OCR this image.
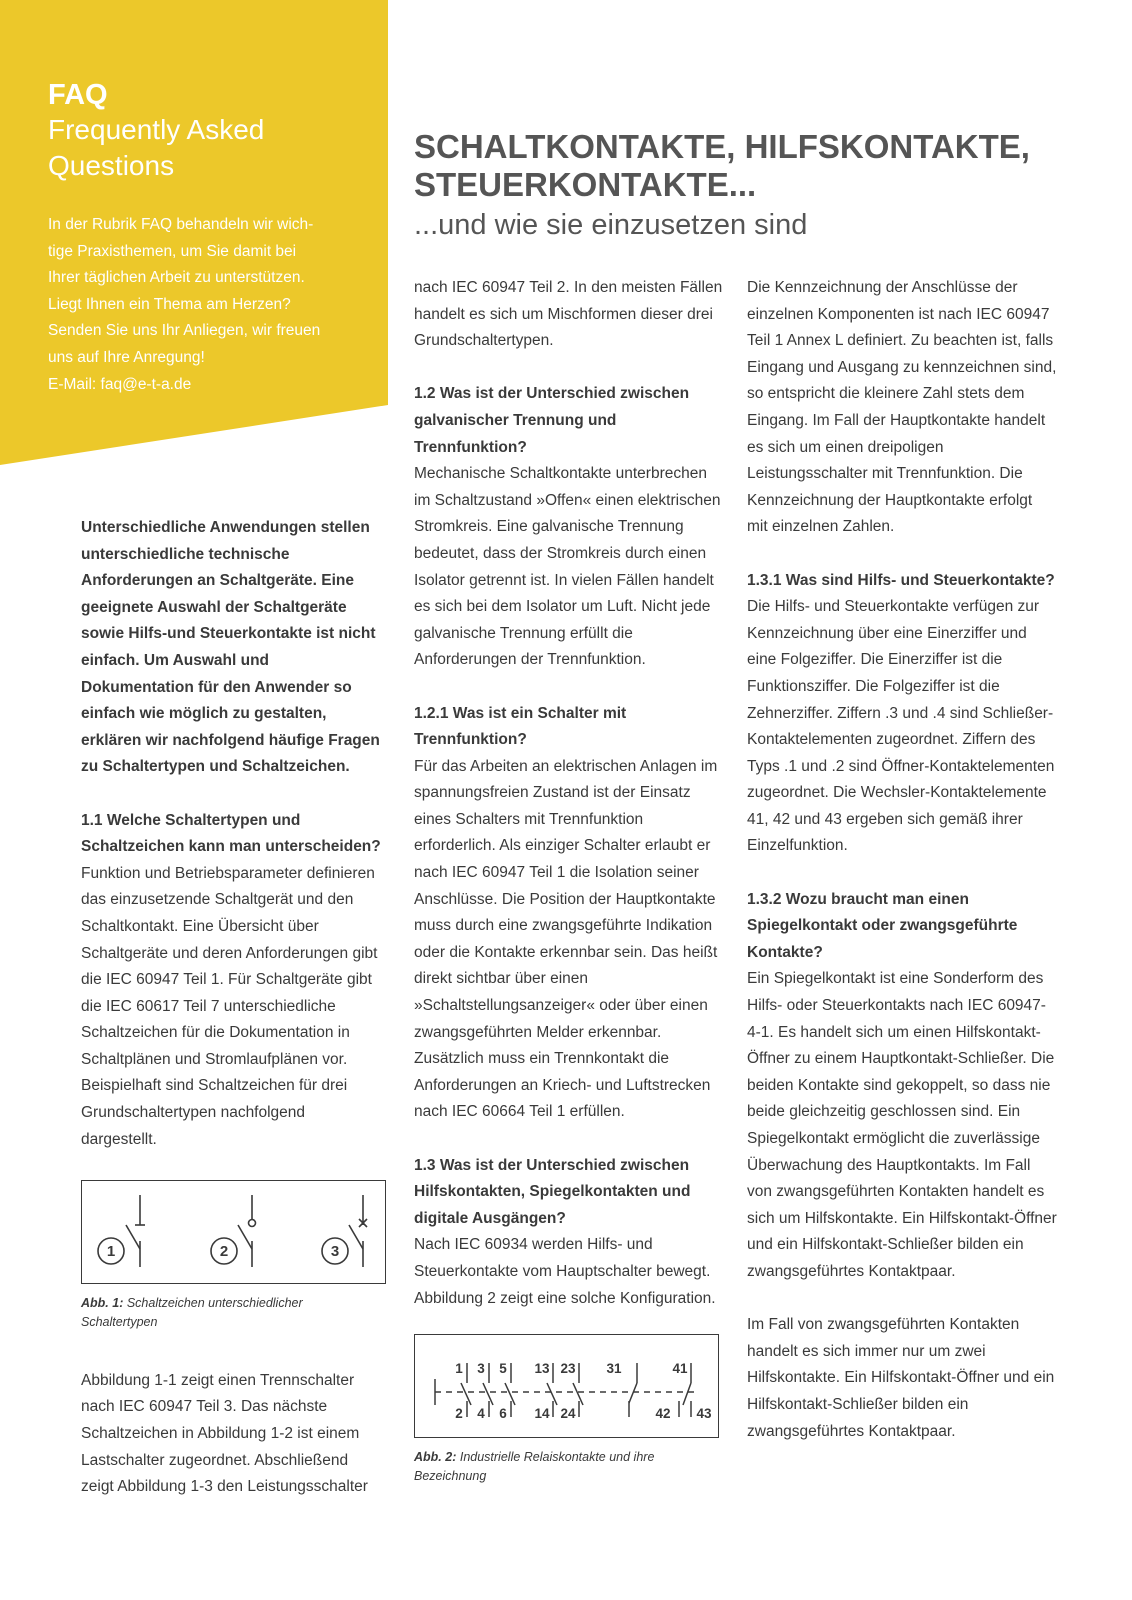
FAQ
Frequently Asked
Questions

In der Rubrik FAQ behandeln wir wich-

tige Praxisthemen, um Sie damit bei

Ihrer täglichen Arbeit zu unterstützen.

Liegt Ihnen ein Thema am Herzen?

Senden Sie uns Ihr Anliegen, wir freuen

uns auf Ihre Anregung!

E-Mail: faq@e-t-a.de

SCHALTKONTAKTE, HILFSKONTAKTE,
STEUERKONTAKTE...
...und wie sie einzusetzen sind

Unterschiedliche Anwendungen stellen unterschiedliche technische Anforderungen an Schaltgeräte. Eine geeignete Auswahl der Schaltgeräte sowie Hilfs-und Steuerkontakte ist nicht einfach. Um Auswahl und Dokumentation für den Anwender so einfach wie möglich zu gestalten, erklären wir nachfolgend häufige Fragen zu Schaltertypen und Schaltzeichen.

1.1 Welche Schaltertypen und Schaltzeichen kann man unterscheiden?

Funktion und Betriebsparameter definieren das einzusetzende Schaltgerät und den Schaltkontakt. Eine Übersicht über Schaltgeräte und deren Anforderungen gibt die IEC 60947 Teil 1. Für Schaltgeräte gibt die IEC 60617 Teil 7 unterschiedliche Schaltzeichen für die Dokumentation in Schaltplänen und Stromlaufplänen vor. Beispielhaft sind Schaltzeichen für drei Grundschaltertypen nachfolgend dargestellt.

1	2	3
Abb. 1: Schaltzeichen unterschiedlicher Schaltertypen

Abbildung 1-1 zeigt einen Trennschalter nach IEC 60947 Teil 3. Das nächste Schaltzeichen in Abbildung 1-2 ist einem Lastschalter zugeordnet. Abschließend zeigt Abbildung 1-3 den Leistungsschalter

nach IEC 60947 Teil 2. In den meisten Fällen handelt es sich um Mischformen dieser drei Grundschaltertypen.

1.2 Was ist der Unterschied zwischen galvanischer Trennung und Trennfunktion?

Mechanische Schaltkontakte unterbrechen im Schaltzustand »Offen« einen elektrischen Stromkreis. Eine galvanische Trennung bedeutet, dass der Stromkreis durch einen Isolator getrennt ist. In vielen Fällen handelt es sich bei dem Isolator um Luft. Nicht jede galvanische Trennung erfüllt die Anforderungen der Trennfunktion.

1.2.1 Was ist ein Schalter mit Trennfunktion?

Für das Arbeiten an elektrischen Anlagen im spannungsfreien Zustand ist der Einsatz eines Schalters mit Trennfunktion erforderlich. Als einziger Schalter erlaubt er nach IEC 60947 Teil 1 die Isolation seiner Anschlüsse. Die Position der Hauptkontakte muss durch eine zwangsgeführte Indikation oder die Kontakte erkennbar sein. Das heißt direkt sichtbar über einen »Schaltstellungsanzeiger« oder über einen zwangsgeführten Melder erkennbar. Zusätzlich muss ein Trennkontakt die Anforderungen an Kriech- und Luftstrecken nach IEC 60664 Teil 1 erfüllen.

1.3 Was ist der Unterschied zwischen Hilfskontakten, Spiegelkontakten und digitale Ausgängen?

Nach IEC 60934 werden Hilfs- und Steuerkontakte vom Hauptschalter bewegt. Abbildung 2 zeigt eine solche Konfiguration.

1 3 5 13 23 31	41
2 4 6 14 24	42 43
Abb. 2: Industrielle Relaiskontakte und ihre Bezeichnung

Die Kennzeichnung der Anschlüsse der einzelnen Komponenten ist nach IEC 60947 Teil 1 Annex L definiert. Zu beachten ist, falls Eingang und Ausgang zu kennzeichnen sind, so entspricht die kleinere Zahl stets dem Eingang. Im Fall der Hauptkontakte handelt es sich um einen dreipoligen Leistungsschalter mit Trennfunktion. Die Kennzeichnung der Hauptkontakte erfolgt mit einzelnen Zahlen.

1.3.1 Was sind Hilfs- und Steuerkontakte?

Die Hilfs- und Steuerkontakte verfügen zur Kennzeichnung über eine Einerziffer und eine Folgeziffer. Die Einerziffer ist die Funktionsziffer. Die Folgeziffer ist die Zehnerziffer. Ziffern .3 und .4 sind Schließer-Kontaktelementen zugeordnet. Ziffern des Typs .1 und .2 sind Öffner-Kontaktelementen zugeordnet. Die Wechsler-Kontaktelemente 41, 42 und 43 ergeben sich gemäß ihrer Einzelfunktion.

1.3.2 Wozu braucht man einen Spiegelkontakt oder zwangsgeführte Kontakte?

Ein Spiegelkontakt ist eine Sonderform des Hilfs- oder Steuerkontakts nach IEC 60947-4-1. Es handelt sich um einen Hilfskontakt-Öffner zu einem Hauptkontakt-Schließer. Die beiden Kontakte sind gekoppelt, so dass nie beide gleichzeitig geschlossen sind. Ein Spiegelkontakt ermöglicht die zuverlässige Überwachung des Hauptkontakts. Im Fall von zwangsgeführten Kontakten handelt es sich um Hilfskontakte. Ein Hilfskontakt-Öffner und ein Hilfskontakt-Schließer bilden ein zwangsgeführtes Kontaktpaar.

Im Fall von zwangsgeführten Kontakten handelt es sich immer nur um zwei Hilfskontakte. Ein Hilfskontakt-Öffner und ein Hilfskontakt-Schließer bilden ein zwangsgeführtes Kontaktpaar.
